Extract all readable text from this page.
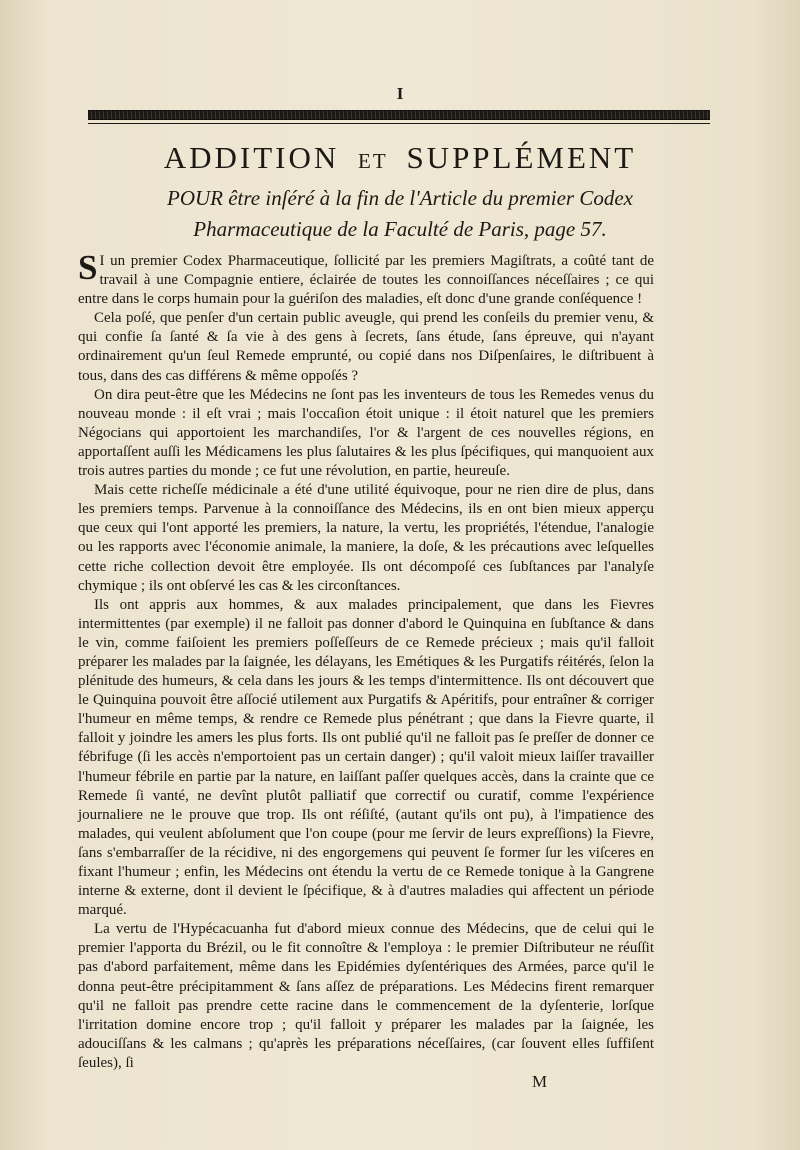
I
ADDITION ET SUPPLÉMENT
POUR être inſéré à la fin de l'Article du premier Codex
Pharmaceutique de la Faculté de Paris, page 57.

S I un premier Codex Pharmaceutique, ſollicité par les premiers Magiſtrats, a coûté tant de travail à une Compagnie entiere, éclairée de toutes les connoiſſances néceſſaires ; ce qui entre dans le corps humain pour la guériſon des maladies, eſt donc d'une grande conſéquence !

Cela poſé, que penſer d'un certain public aveugle, qui prend les conſeils du premier venu, & qui confie ſa ſanté & ſa vie à des gens à ſecrets, ſans étude, ſans épreuve, qui n'ayant ordinairement qu'un ſeul Remede emprunté, ou copié dans nos Diſpenſaires, le diſtribuent à tous, dans des cas différens & même oppoſés ?

On dira peut-être que les Médecins ne ſont pas les inventeurs de tous les Remedes venus du nouveau monde : il eſt vrai ; mais l'occaſion étoit unique : il étoit naturel que les premiers Négocians qui apportoient les marchandiſes, l'or & l'argent de ces nouvelles régions, en apportaſſent auſſi les Médicamens les plus ſalutaires & les plus ſpécifiques, qui manquoient aux trois autres parties du monde ; ce fut une révolution, en partie, heureuſe.

Mais cette richeſſe médicinale a été d'une utilité équivoque, pour ne rien dire de plus, dans les premiers temps. Parvenue à la connoiſſance des Médecins, ils en ont bien mieux apperçu que ceux qui l'ont apporté les premiers, la nature, la vertu, les propriétés, l'étendue, l'analogie ou les rapports avec l'économie animale, la maniere, la doſe, & les précautions avec leſquelles cette riche collection devoit être employée. Ils ont décompoſé ces ſubſtances par l'analyſe chymique ; ils ont obſervé les cas & les circonſtances.

Ils ont appris aux hommes, & aux malades principalement, que dans les Fievres intermittentes (par exemple) il ne falloit pas donner d'abord le Quinquina en ſubſtance & dans le vin, comme faiſoient les premiers poſſeſſeurs de ce Remede précieux ; mais qu'il falloit préparer les malades par la ſaignée, les délayans, les Emétiques & les Purgatifs réitérés, ſelon la plénitude des humeurs, & cela dans les jours & les temps d'intermittence. Ils ont découvert que le Quinquina pouvoit être aſſocié utilement aux Purgatifs & Apéritifs, pour entraîner & corriger l'humeur en même temps, & rendre ce Remede plus pénétrant ; que dans la Fievre quarte, il falloit y joindre les amers les plus forts. Ils ont publié qu'il ne falloit pas ſe preſſer de donner ce fébrifuge (ſi les accès n'emportoient pas un certain danger) ; qu'il valoit mieux laiſſer travailler l'humeur fébrile en partie par la nature, en laiſſant paſſer quelques accès, dans la crainte que ce Remede ſi vanté, ne devînt plutôt palliatif que correctif ou curatif, comme l'expérience journaliere ne le prouve que trop. Ils ont réſiſté, (autant qu'ils ont pu), à l'impatience des malades, qui veulent abſolument que l'on coupe (pour me ſervir de leurs expreſſions) la Fievre, ſans s'embarraſſer de la récidive, ni des engorgemens qui peuvent ſe former ſur les viſceres en fixant l'humeur ; enfin, les Médecins ont étendu la vertu de ce Remede tonique à la Gangrene interne & externe, dont il devient le ſpécifique, & à d'autres maladies qui affectent un période marqué.

La vertu de l'Hypécacuanha fut d'abord mieux connue des Médecins, que de celui qui le premier l'apporta du Brézil, ou le fit connoître & l'employa : le premier Diſtributeur ne réuſſit pas d'abord parfaitement, même dans les Epidémies dyſentériques des Armées, parce qu'il le donna peut-être précipitamment & ſans aſſez de préparations. Les Médecins firent remarquer qu'il ne falloit pas prendre cette racine dans le commencement de la dyſenterie, lorſque l'irritation domine encore trop ; qu'il falloit y préparer les malades par la ſaignée, les adouciſſans & les calmans ; qu'après les préparations néceſſaires, (car ſouvent elles ſuffiſent ſeules), ſi

M
